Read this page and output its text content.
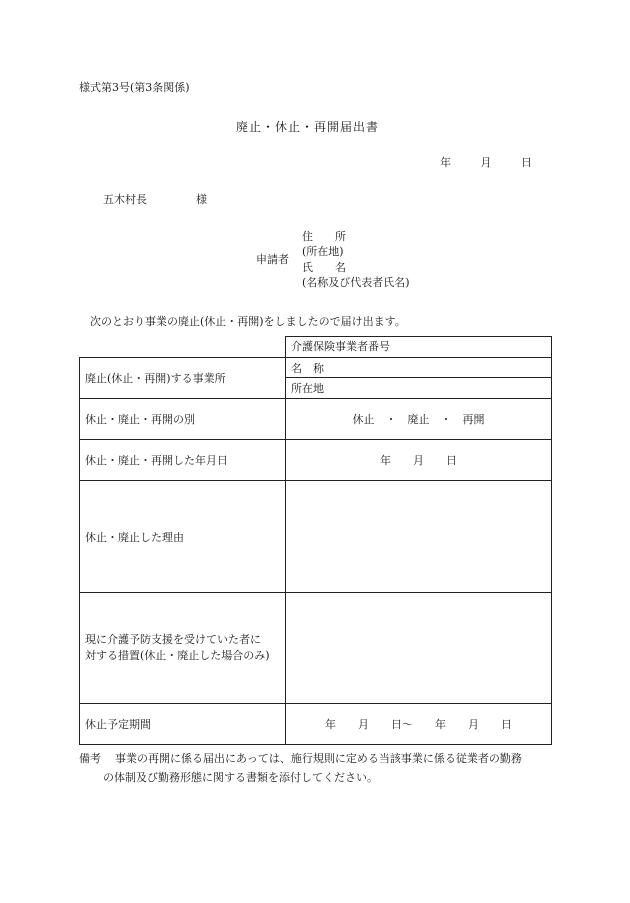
様式第3号(第3条関係)
廃止・休止・再開届出書
年	月	日
五木村長	様
申請者
住　　所
(所在地)
氏　　名
(名称及び代表者氏名)
次のとおり事業の廃止(休止・再開)をしましたので届け出ます。

	介護保険事業者番号

廃止(休止・再開)する事業所	名　称
	所在地
休止・廃止・再開の別	休止　・　廃止　・　再開
休止・廃止・再開した年月日	年　　月　　日
休止・廃止した理由	

現に介護予防支援を受けていた者に
対する措置(休止・廃止した場合のみ)	

休止予定期間	年　　月　　日〜　　年　　月　　日
備考 事業の再開に係る届出にあっては、施行規則に定める当該事業に係る従業者の勤務
の体制及び勤務形態に関する書類を添付してください。
